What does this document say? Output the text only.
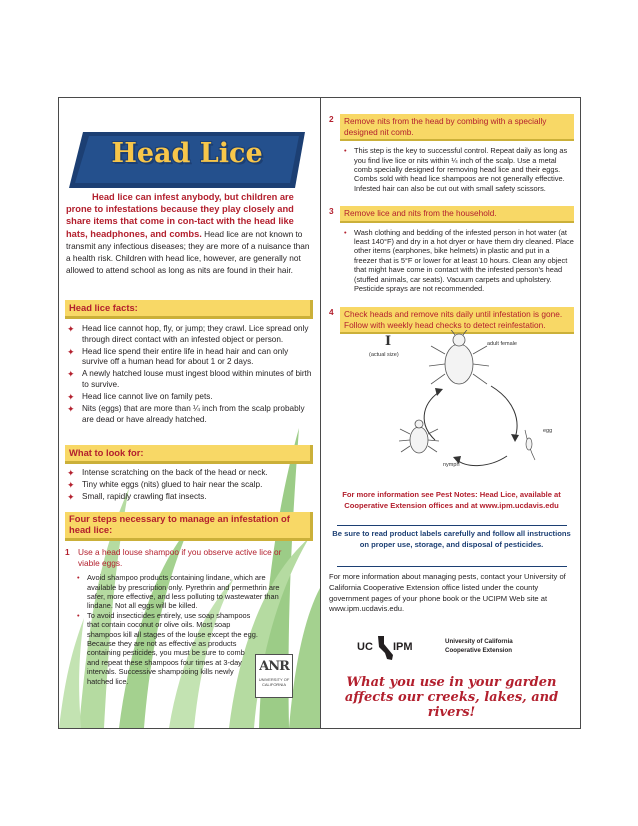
Head Lice
Head lice can infest anybody, but children are prone to infestations because they play closely and share items that come in con-tact with the head like hats, headphones, and combs. Head lice are not known to transmit any infectious diseases; they are more of a nuisance than a health risk. Children with head lice, however, are generally not allowed to attend school as long as nits are found in their hair.
Head lice facts:
✦ Head lice cannot hop, fly, or jump; they crawl. Lice spread only through direct contact with an infested object or person.
✦ Head lice spend their entire life in head hair and can only survive off a human head for about 1 or 2 days.
✦ A newly hatched louse must ingest blood within minutes of birth to survive.
✦ Head lice cannot live on family pets.
✦ Nits (eggs) that are more than ¼ inch from the scalp probably are dead or have already hatched.
What to look for:
✦ Intense scratching on the back of the head or neck.
✦ Tiny white eggs (nits) glued to hair near the scalp.
✦ Small, rapidly crawling flat insects.
Four steps necessary to manage an infestation of head lice:
1	Use a head louse shampoo if you observe active lice or viable eggs.
• Avoid shampoo products containing lindane, which are available by prescription only. Pyrethrin and permethrin are safer, more effective, and less polluting to wastewater than lindane. Not all eggs will be killed.
• To avoid insecticides entirely, use soap shampoos that contain coconut or olive oils. Most soap shampoos kill all stages of the louse except the egg. Because they are not as effective as products containing pesticides, you must be sure to comb and repeat these shampoos four times at 3-day intervals. Successive shampooing kills newly hatched lice.
ANR
UNIVERSITY OF CALIFORNIA
2	Remove nits from the head by combing with a specially designed nit comb.
• This step is the key to successful control. Repeat daily as long as you find live lice or nits within ¼ inch of the scalp. Use a metal comb specially designed for removing head lice and their eggs. Combs sold with head lice shampoos are not generally effective. Infested hair can also be cut out with small safety scissors.
3	Remove lice and nits from the household.
• Wash clothing and bedding of the infested person in hot water (at least 140°F) and dry in a hot dryer or have them dry cleaned. Place other items (earphones, bike helmets) in plastic and put in a freezer that is 5°F or lower for at least 10 hours. Clean any object that might have come in contact with the infested person's head (stuffed animals, car seats). Vacuum carpets and upholstery. Pesticide sprays are not recommended.
4	Check heads and remove nits daily until infestation is gone. Follow with weekly head checks to detect reinfestation.
I
(actual size)
adult female
egg
nymph
For more information see Pest Notes: Head Lice, available at Cooperative Extension offices and at www.ipm.ucdavis.edu
Be sure to read product labels carefully and follow all instructions on proper use, storage, and disposal of pesticides.
For more information about managing pests, contact your University of California Cooperative Extension office listed under the county government pages of your phone book or the UCIPM Web site at www.ipm.ucdavis.edu.
UC IPM	University of California
Cooperative Extension
What you use in your garden affects our creeks, lakes, and rivers!
